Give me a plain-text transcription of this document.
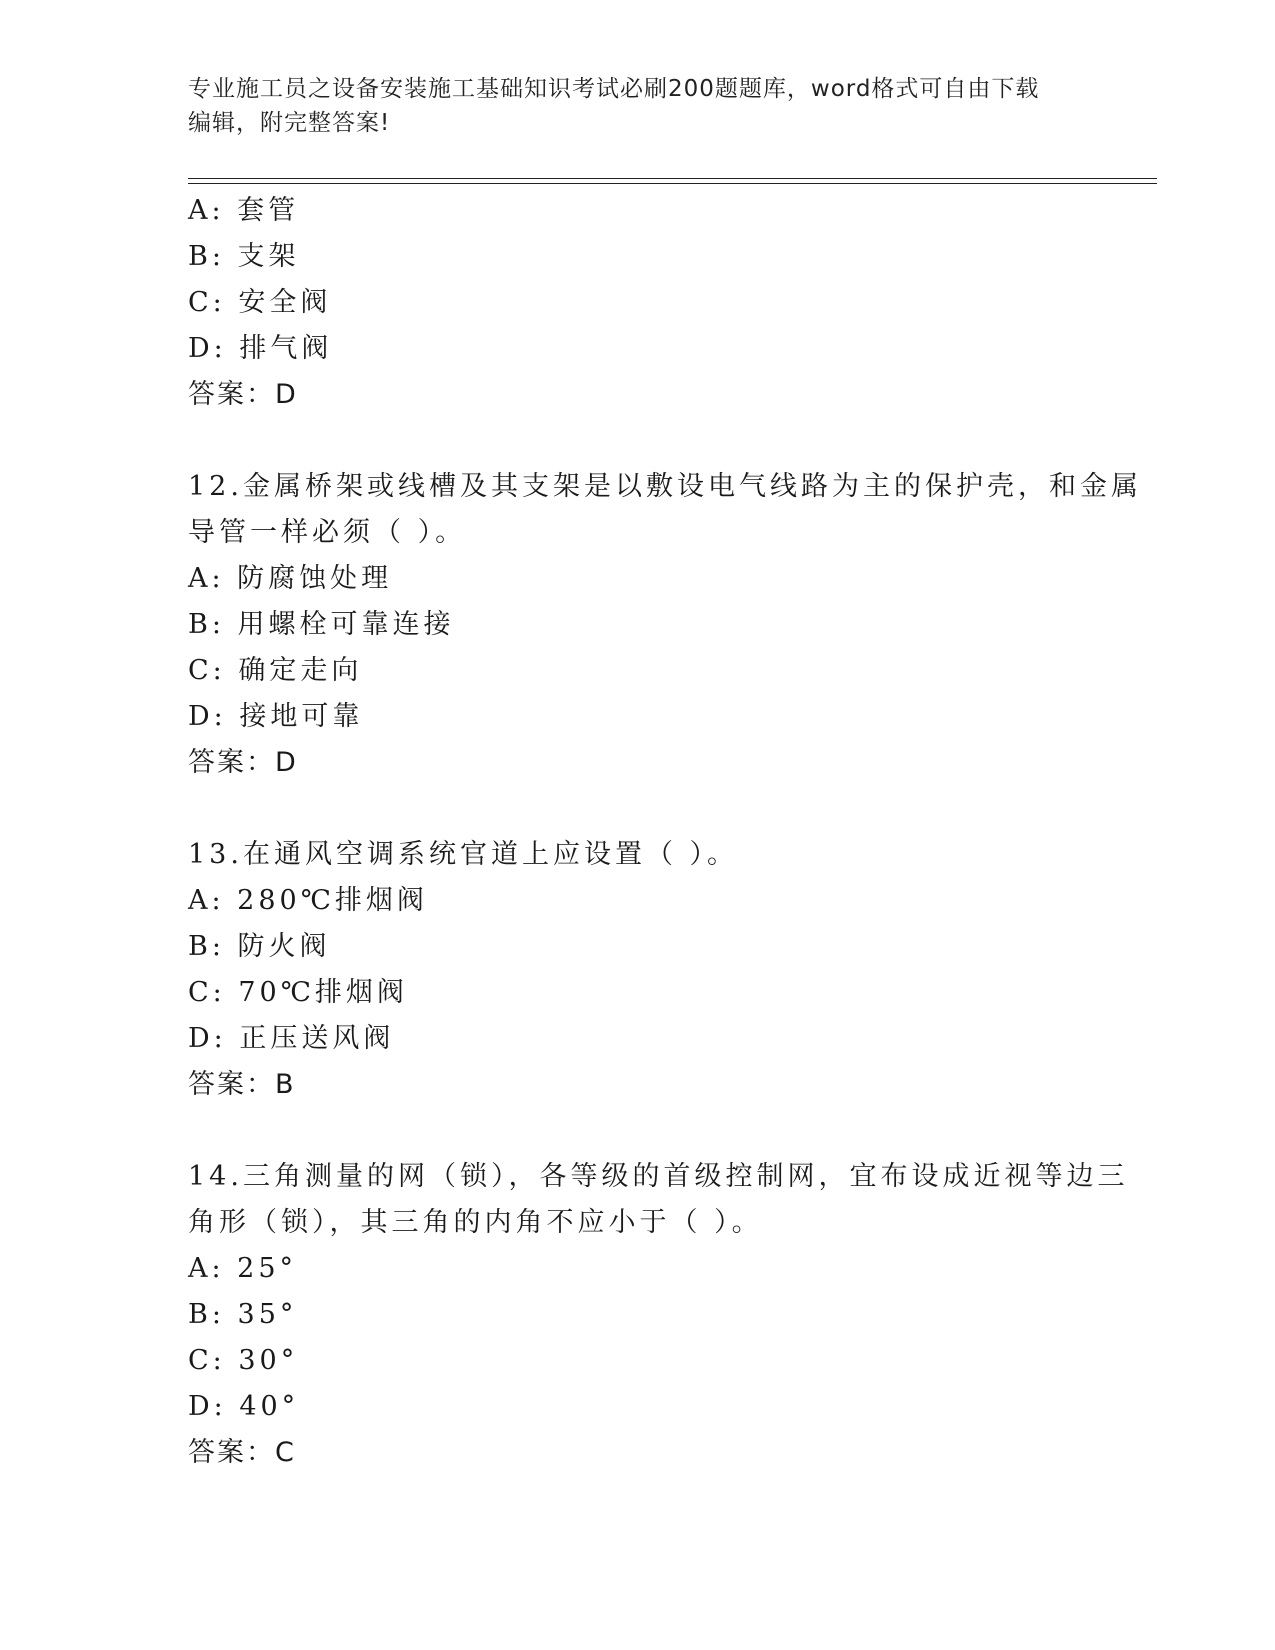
专业施工员之设备安装施工基础知识考试必刷200题题库，word格式可自由下载
编辑，附完整答案!
A: 套管
B: 支架
C: 安全阀
D: 排气阀
答案：D
12.金属桥架或线槽及其支架是以敷设电气线路为主的保护壳，和金属
导管一样必须（ ）。
A: 防腐蚀处理
B: 用螺栓可靠连接
C: 确定走向
D: 接地可靠
答案：D
13.在通风空调系统官道上应设置（ ）。
A: 280℃排烟阀
B: 防火阀
C: 70℃排烟阀
D: 正压送风阀
答案：B
14.三角测量的网（锁），各等级的首级控制网，宜布设成近视等边三
角形（锁），其三角的内角不应小于（ ）。
A: 25°
B: 35°
C: 30°
D: 40°
答案：C
